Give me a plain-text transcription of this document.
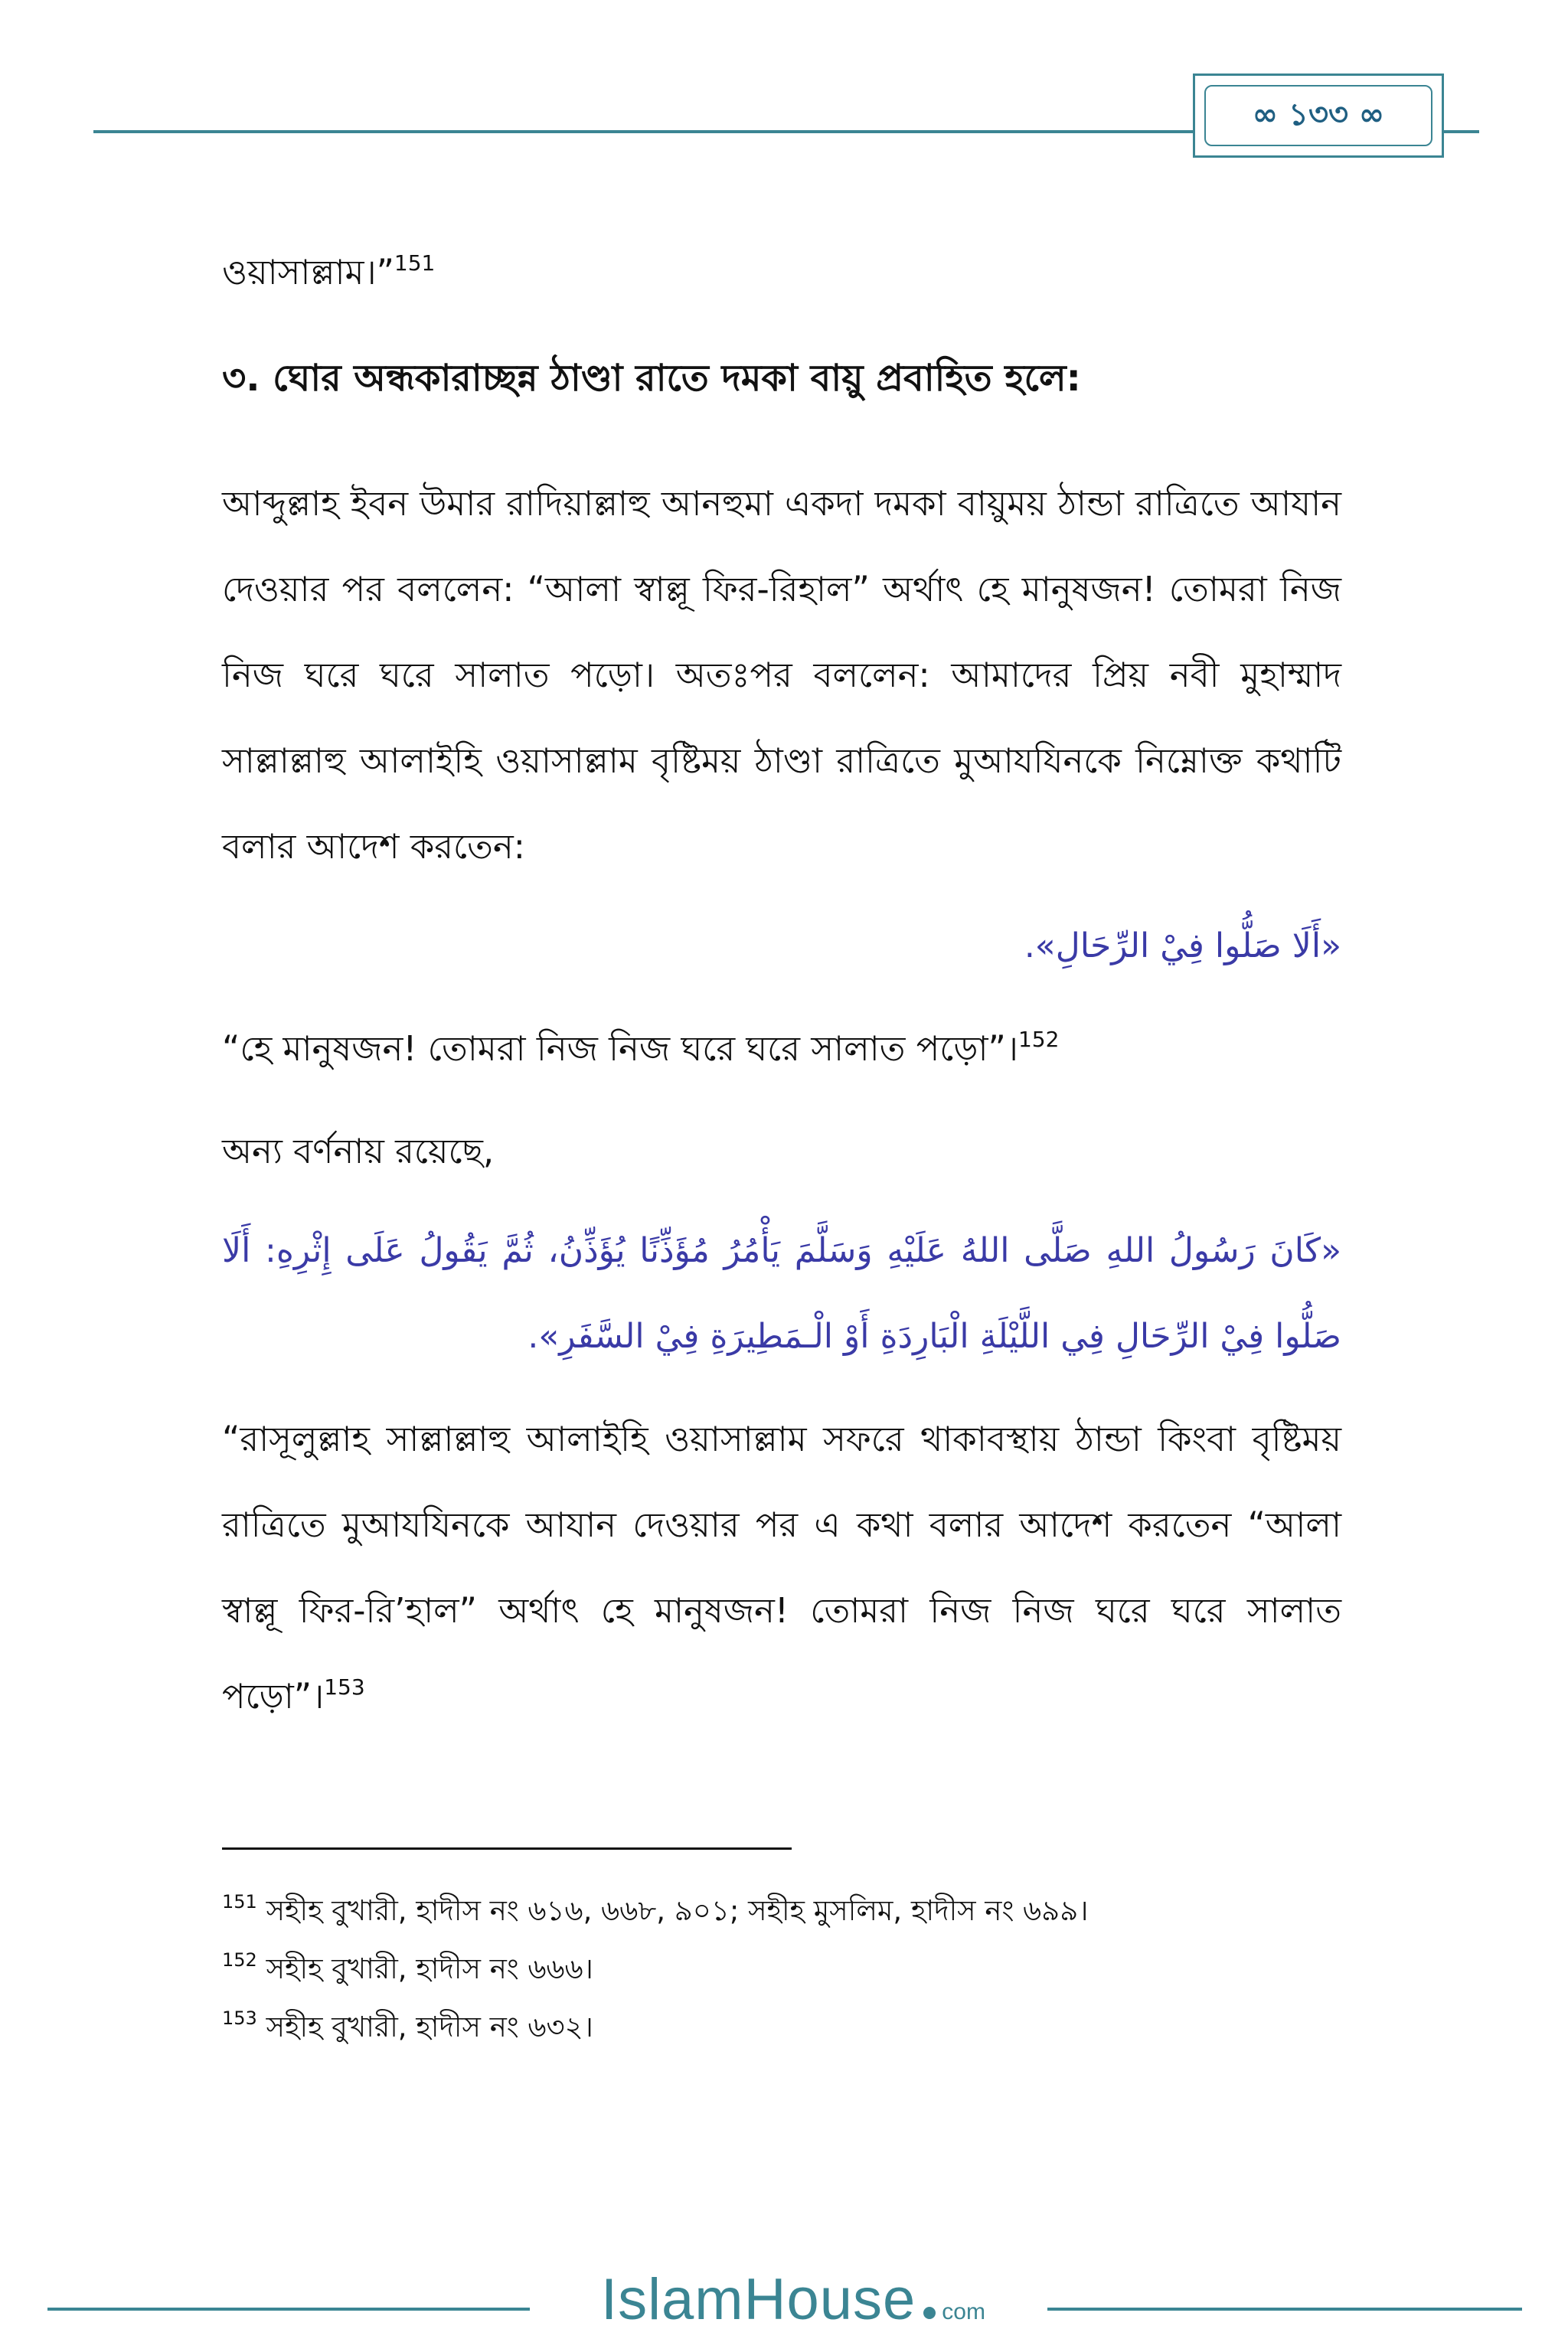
∞ ১৩৩ ∞

ওয়াসাল্লাম।”$^{151}$

৩. ঘোর অন্ধকারাচ্ছন্ন ঠাণ্ডা রাতে দমকা বায়ু প্রবাহিত হলে:

আব্দুল্লাহ ইবন উমার রাদিয়াল্লাহু আনহুমা একদা দমকা বায়ুময় ঠান্ডা রাত্রিতে আযান দেওয়ার পর বললেন: “আলা স্বাল্লূ ফির-রিহাল” অর্থাৎ হে মানুষজন! তোমরা নিজ নিজ ঘরে ঘরে সালাত পড়ো। অতঃপর বললেন: আমাদের প্রিয় নবী মুহাম্মাদ সাল্লাল্লাহু আলাইহি ওয়াসাল্লাম বৃষ্টিময় ঠাণ্ডা রাত্রিতে মুআযযিনকে নিম্নোক্ত কথাটি বলার আদেশ করতেন:

«أَلَا صَلُّوا فِيْ الرِّحَالِ».

“হে মানুষজন! তোমরা নিজ নিজ ঘরে ঘরে সালাত পড়ো”।$^{152}$

অন্য বর্ণনায় রয়েছে,

«كَانَ رَسُولُ اللهِ صَلَّى اللهُ عَلَيْهِ وَسَلَّمَ يَأْمُرُ مُؤَذِّنًا يُؤَذِّنُ، ثُمَّ يَقُولُ عَلَى إِثْرِهِ: أَلَا صَلُّوا فِيْ الرِّحَالِ فِي اللَّيْلَةِ الْبَارِدَةِ أَوْ الْـمَطِيرَةِ فِيْ السَّفَرِ».

“রাসূলুল্লাহ সাল্লাল্লাহু আলাইহি ওয়াসাল্লাম সফরে থাকাবস্থায় ঠান্ডা কিংবা বৃষ্টিময় রাত্রিতে মুআযযিনকে আযান দেওয়ার পর এ কথা বলার আদেশ করতেন “আলা স্বাল্লূ ফির-রি’হাল” অর্থাৎ হে মানুষজন! তোমরা নিজ নিজ ঘরে ঘরে সালাত পড়ো”।$^{153}$

$^{151}$ সহীহ বুখারী, হাদীস নং ৬১৬, ৬৬৮, ৯০১; সহীহ মুসলিম, হাদীস নং ৬৯৯।

$^{152}$ সহীহ বুখারী, হাদীস নং ৬৬৬।

$^{153}$ সহীহ বুখারী, হাদীস নং ৬৩২।

IslamHouse com
